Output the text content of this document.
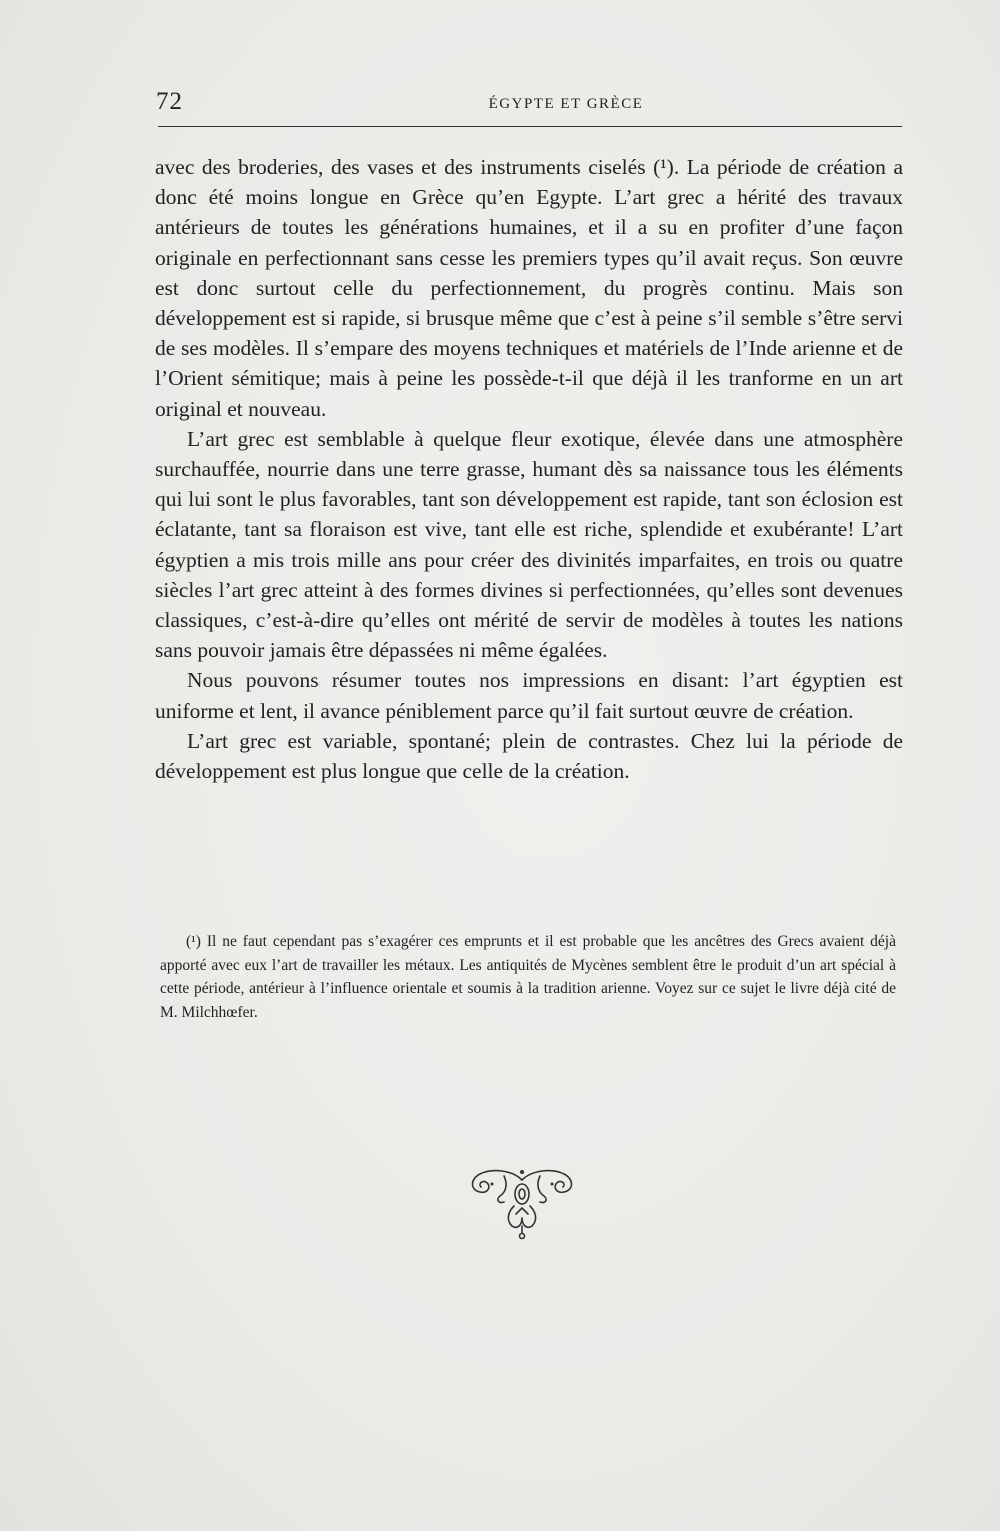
72	ÉGYPTE ET GRÈCE

avec des broderies, des vases et des instruments ciselés (¹). La période de création a donc été moins longue en Grèce qu’en Egypte. L’art grec a hérité des travaux antérieurs de toutes les générations humaines, et il a su en profiter d’une façon originale en perfectionnant sans cesse les premiers types qu’il avait reçus. Son œuvre est donc surtout celle du perfectionnement, du progrès continu. Mais son développement est si rapide, si brusque même que c’est à peine s’il semble s’être servi de ses modèles. Il s’empare des moyens techniques et matériels de l’Inde arienne et de l’Orient sémitique; mais à peine les possède-t-il que déjà il les tranforme en un art original et nouveau.

L’art grec est semblable à quelque fleur exotique, élevée dans une atmosphère surchauffée, nourrie dans une terre grasse, humant dès sa naissance tous les éléments qui lui sont le plus favorables, tant son développement est rapide, tant son éclosion est éclatante, tant sa floraison est vive, tant elle est riche, splendide et exubérante! L’art égyptien a mis trois mille ans pour créer des divinités imparfaites, en trois ou quatre siècles l’art grec atteint à des formes divines si perfectionnées, qu’elles sont devenues classiques, c’est-à-dire qu’elles ont mérité de servir de modèles à toutes les nations sans pouvoir jamais être dépassées ni même égalées.

Nous pouvons résumer toutes nos impressions en disant: l’art égyptien est uniforme et lent, il avance péniblement parce qu’il fait surtout œuvre de création.

L’art grec est variable, spontané; plein de contrastes. Chez lui la période de développement est plus longue que celle de la création.

(¹) Il ne faut cependant pas s’exagérer ces emprunts et il est probable que les ancêtres des Grecs avaient déjà apporté avec eux l’art de travailler les métaux. Les antiquités de Mycènes semblent être le produit d’un art spécial à cette période, antérieur à l’influence orientale et soumis à la tradition arienne. Voyez sur ce sujet le livre déjà cité de M. Milchhœfer.
